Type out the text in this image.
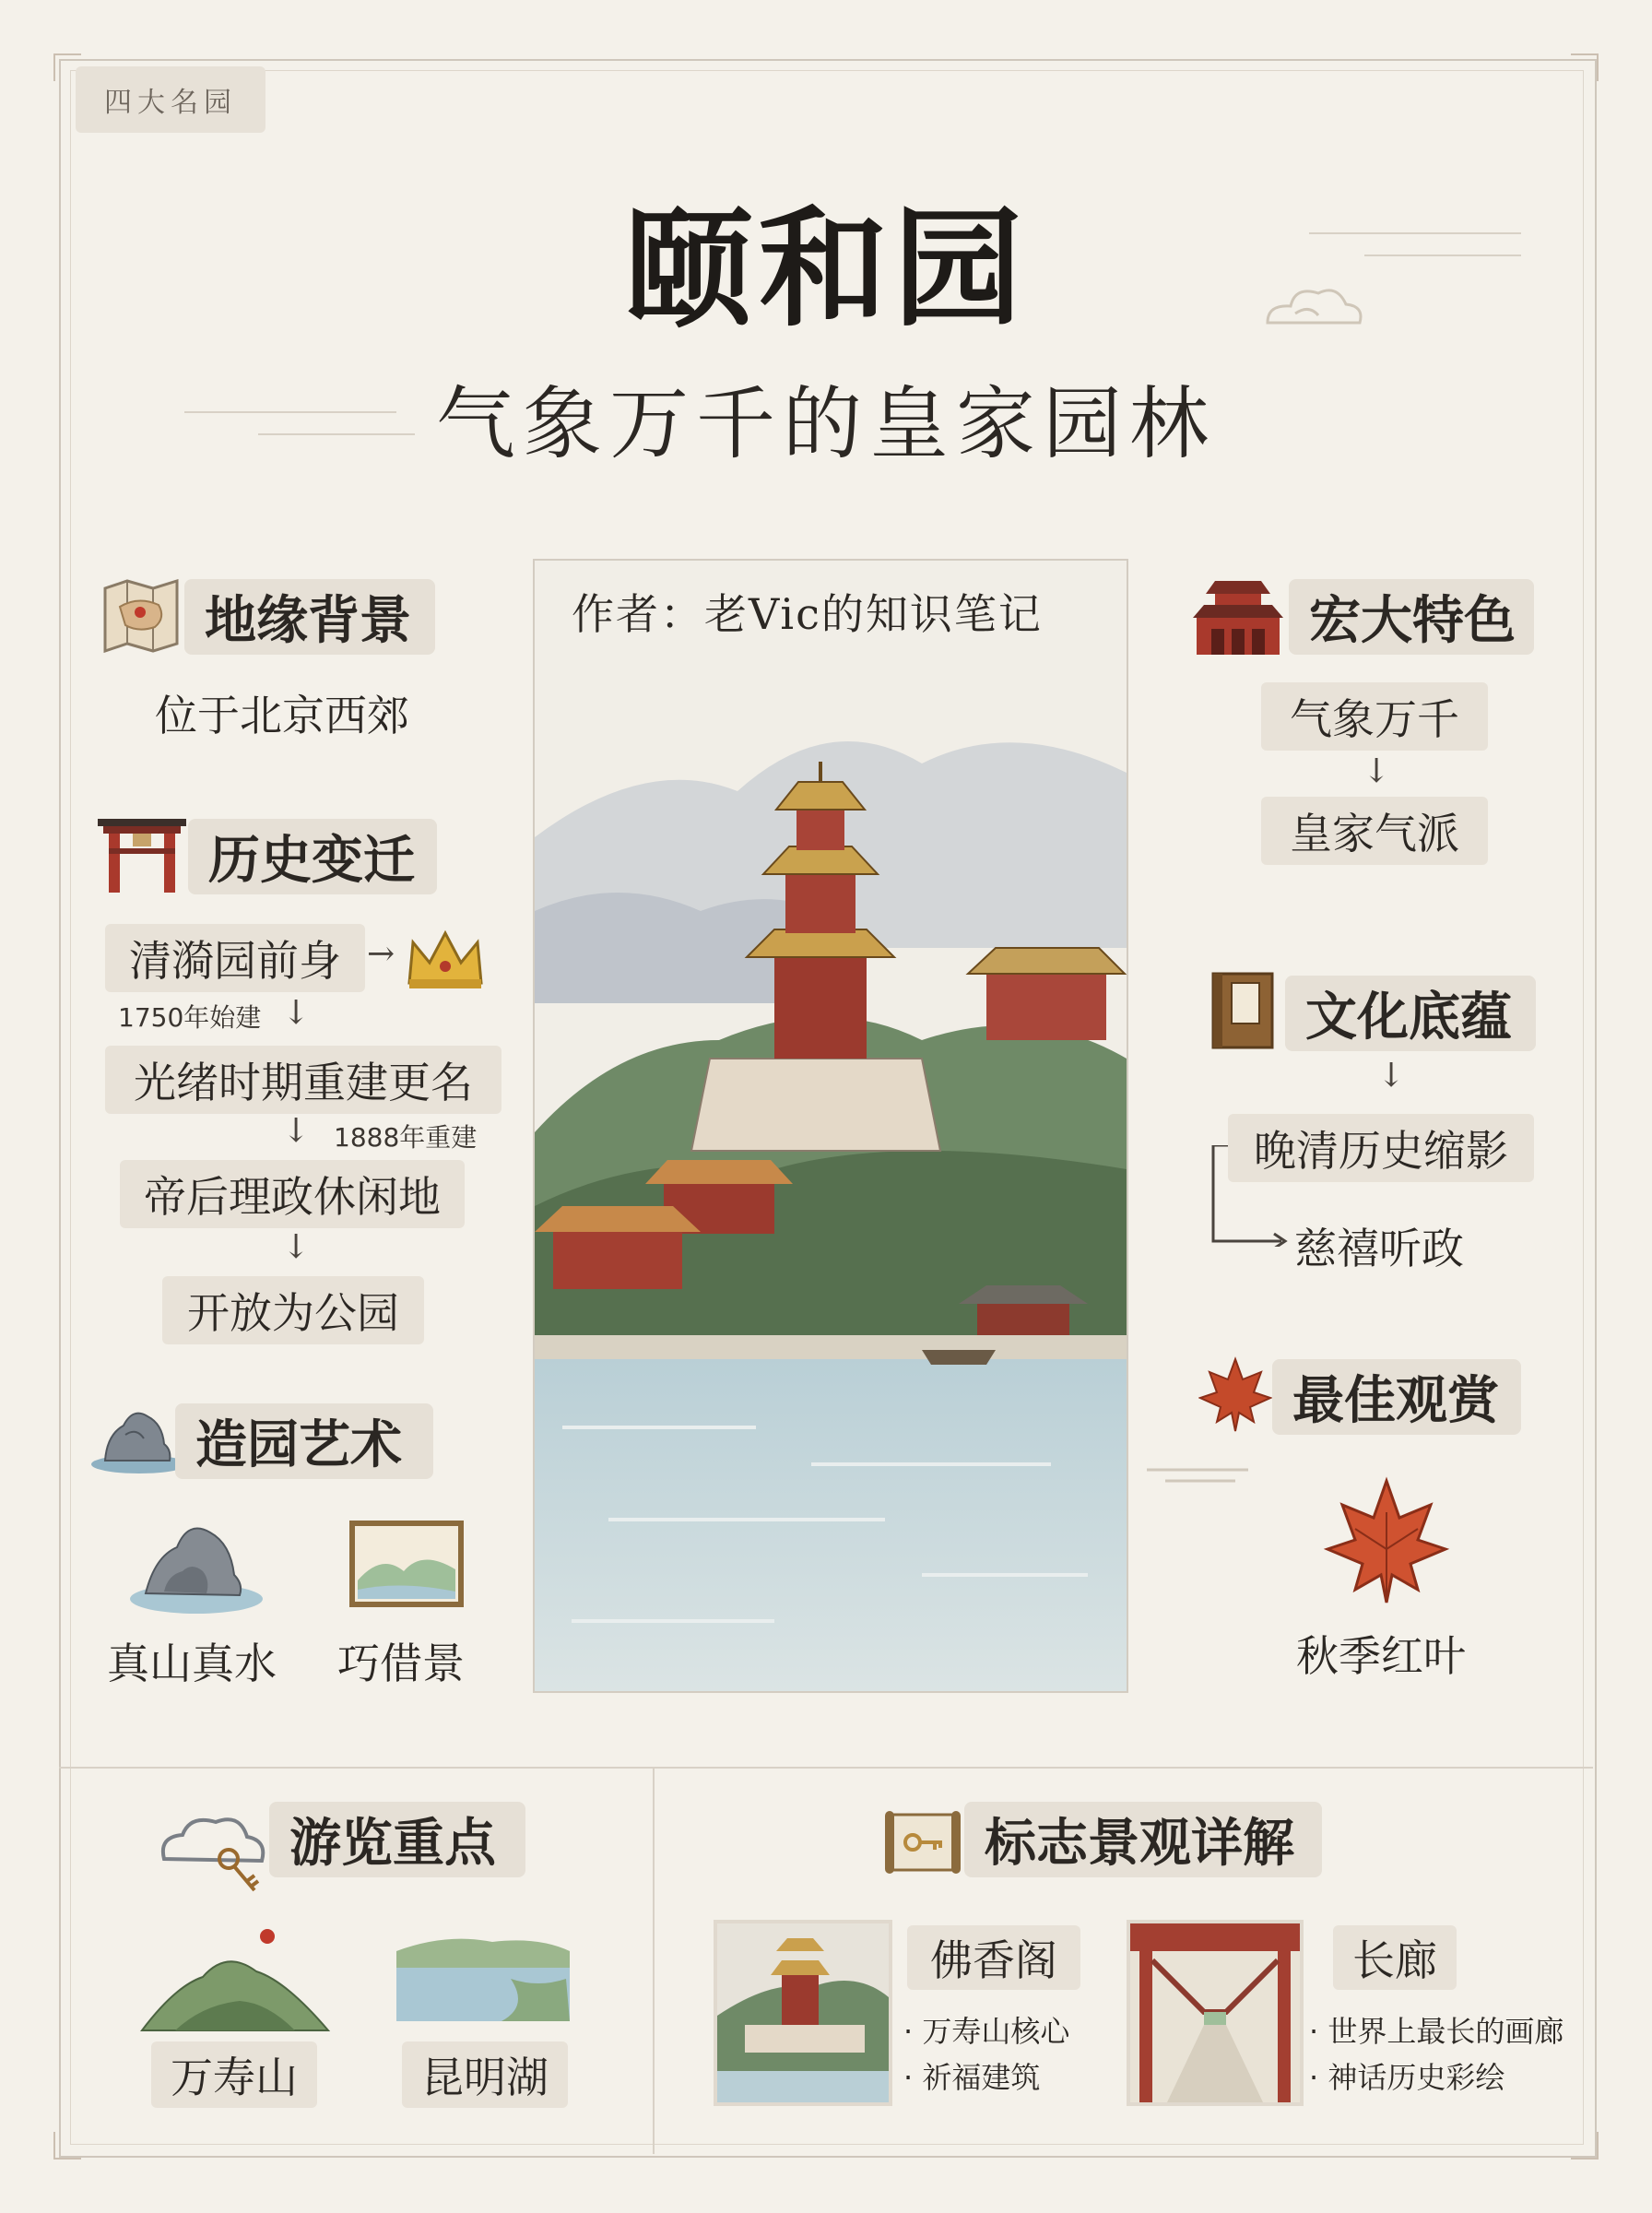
四大名园
颐和园
气象万千的皇家园林
地缘背景
位于北京西郊
历史变迁
清漪园前身 →
1750年始建 ↓
光绪时期重建更名
↓ 1888年重建
帝后理政休闲地
↓
开放为公园
造园艺术
真山真水 巧借景
作者：老Vic的知识笔记	宏大特色
气象万千
↓
皇家气派
文化底蕴
↓
晚清历史缩影
慈禧听政
最佳观赏
秋季红叶
游览重点
万寿山	昆明湖
标志景观详解
佛香阁
· 万寿山核心
· 祈福建筑
长廊
· 世界上最长的画廊
· 神话历史彩绘
